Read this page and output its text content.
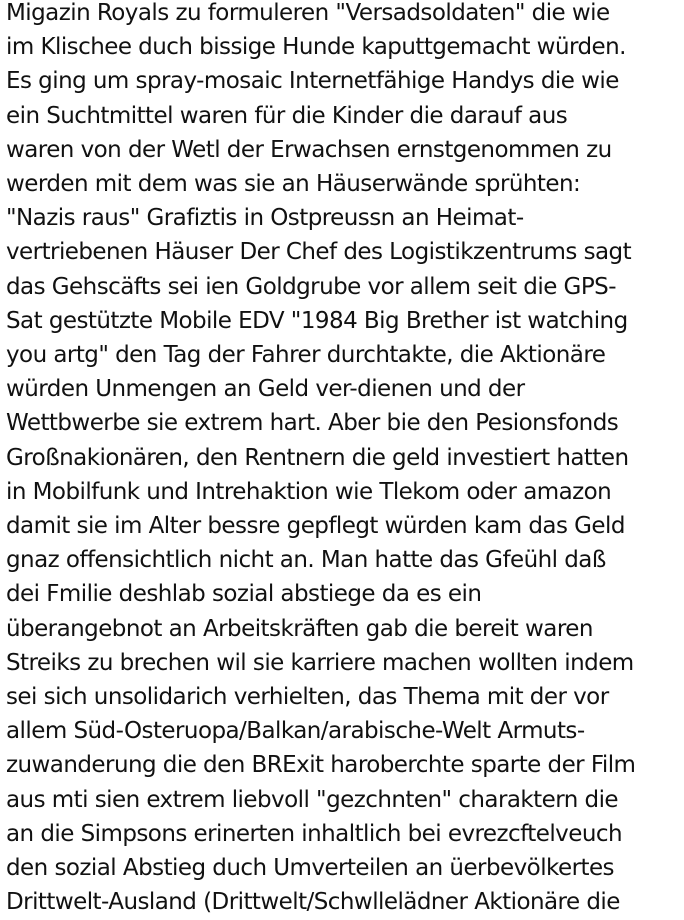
Migazin Royals zu formuleren "Versadsoldaten" die wie
im Klischee duch bissige Hunde kaputtgemacht würden.
Es ging um spray-mosaic Internetfähige Handys die wie
ein Suchtmittel waren für die Kinder die darauf aus
waren von der Wetl der Erwachsen ernstgenommen zu
werden mit dem was sie an Häuserwände sprühten:
"Nazis raus" Grafiztis in Ostpreussn an Heimat-
vertriebenen Häuser Der Chef des Logistikzentrums sagt
das Gehscäfts sei ien Goldgrube vor allem seit die GPS-
Sat gestützte Mobile EDV "1984 Big Brether ist watching
you artg" den Tag der Fahrer durchtakte, die Aktionäre
würden Unmengen an Geld ver-dienen und der
Wettbwerbe sie extrem hart. Aber bie den Pesionsfonds
Großnakionären, den Rentnern die geld investiert hatten
in Mobilfunk und Intrehaktion wie Tlekom oder amazon
damit sie im Alter bessre gepflegt würden kam das Geld
gnaz offensichtlich nicht an. Man hatte das Gfeühl daß
dei Fmilie deshlab sozial abstiege da es ein
überangebnot an Arbeitskräften gab die bereit waren
Streiks zu brechen wil sie karriere machen wollten indem
sei sich unsolidarich verhielten, das Thema mit der vor
allem Süd-Osteruopa/Balkan/arabische-Welt Armuts-
zuwanderung die den BRExit haroberchte sparte der Film
aus mti sien extrem liebvoll "gezchnten" charaktern die
an die Simpsons erinerten inhaltlich bei evrezcftelveuch
den sozial Abstieg duch Umverteilen an üerbevölkertes
Drittwelt-Ausland (Drittwelt/Schwllelädner Aktionäre die
